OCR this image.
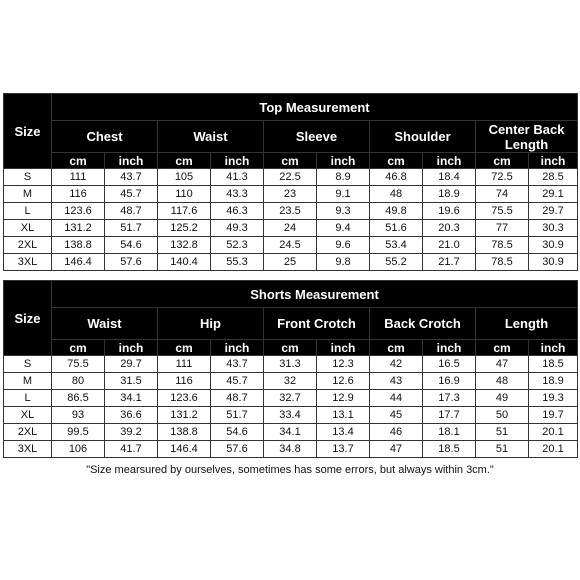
Size	Top Measurement									
	Chest		Waist		Sleeve		Shoulder		Center Back Length	
	cm	inch	cm	inch	cm	inch	cm	inch	cm	inch
S	111	43.7	105	41.3	22.5	8.9	46.8	18.4	72.5	28.5
M	116	45.7	110	43.3	23	9.1	48	18.9	74	29.1
L	123.6	48.7	117.6	46.3	23.5	9.3	49.8	19.6	75.5	29.7
XL	131.2	51.7	125.2	49.3	24	9.4	51.6	20.3	77	30.3
2XL	138.8	54.6	132.8	52.3	24.5	9.6	53.4	21.0	78.5	30.9
3XL	146.4	57.6	140.4	55.3	25	9.8	55.2	21.7	78.5	30.9
Size	Shorts Measurement									
	Waist		Hip		Front Crotch		Back Crotch		Length	
	cm	inch	cm	inch	cm	inch	cm	inch	cm	inch
S	75.5	29.7	111	43.7	31.3	12.3	42	16.5	47	18.5
M	80	31.5	116	45.7	32	12.6	43	16.9	48	18.9
L	86.5	34.1	123.6	48.7	32.7	12.9	44	17.3	49	19.3
XL	93	36.6	131.2	51.7	33.4	13.1	45	17.7	50	19.7
2XL	99.5	39.2	138.8	54.6	34.1	13.4	46	18.1	51	20.1
3XL	106	41.7	146.4	57.6	34.8	13.7	47	18.5	51	20.1
"Size mearsured by ourselves, sometimes has some errors, but always within 3cm."
